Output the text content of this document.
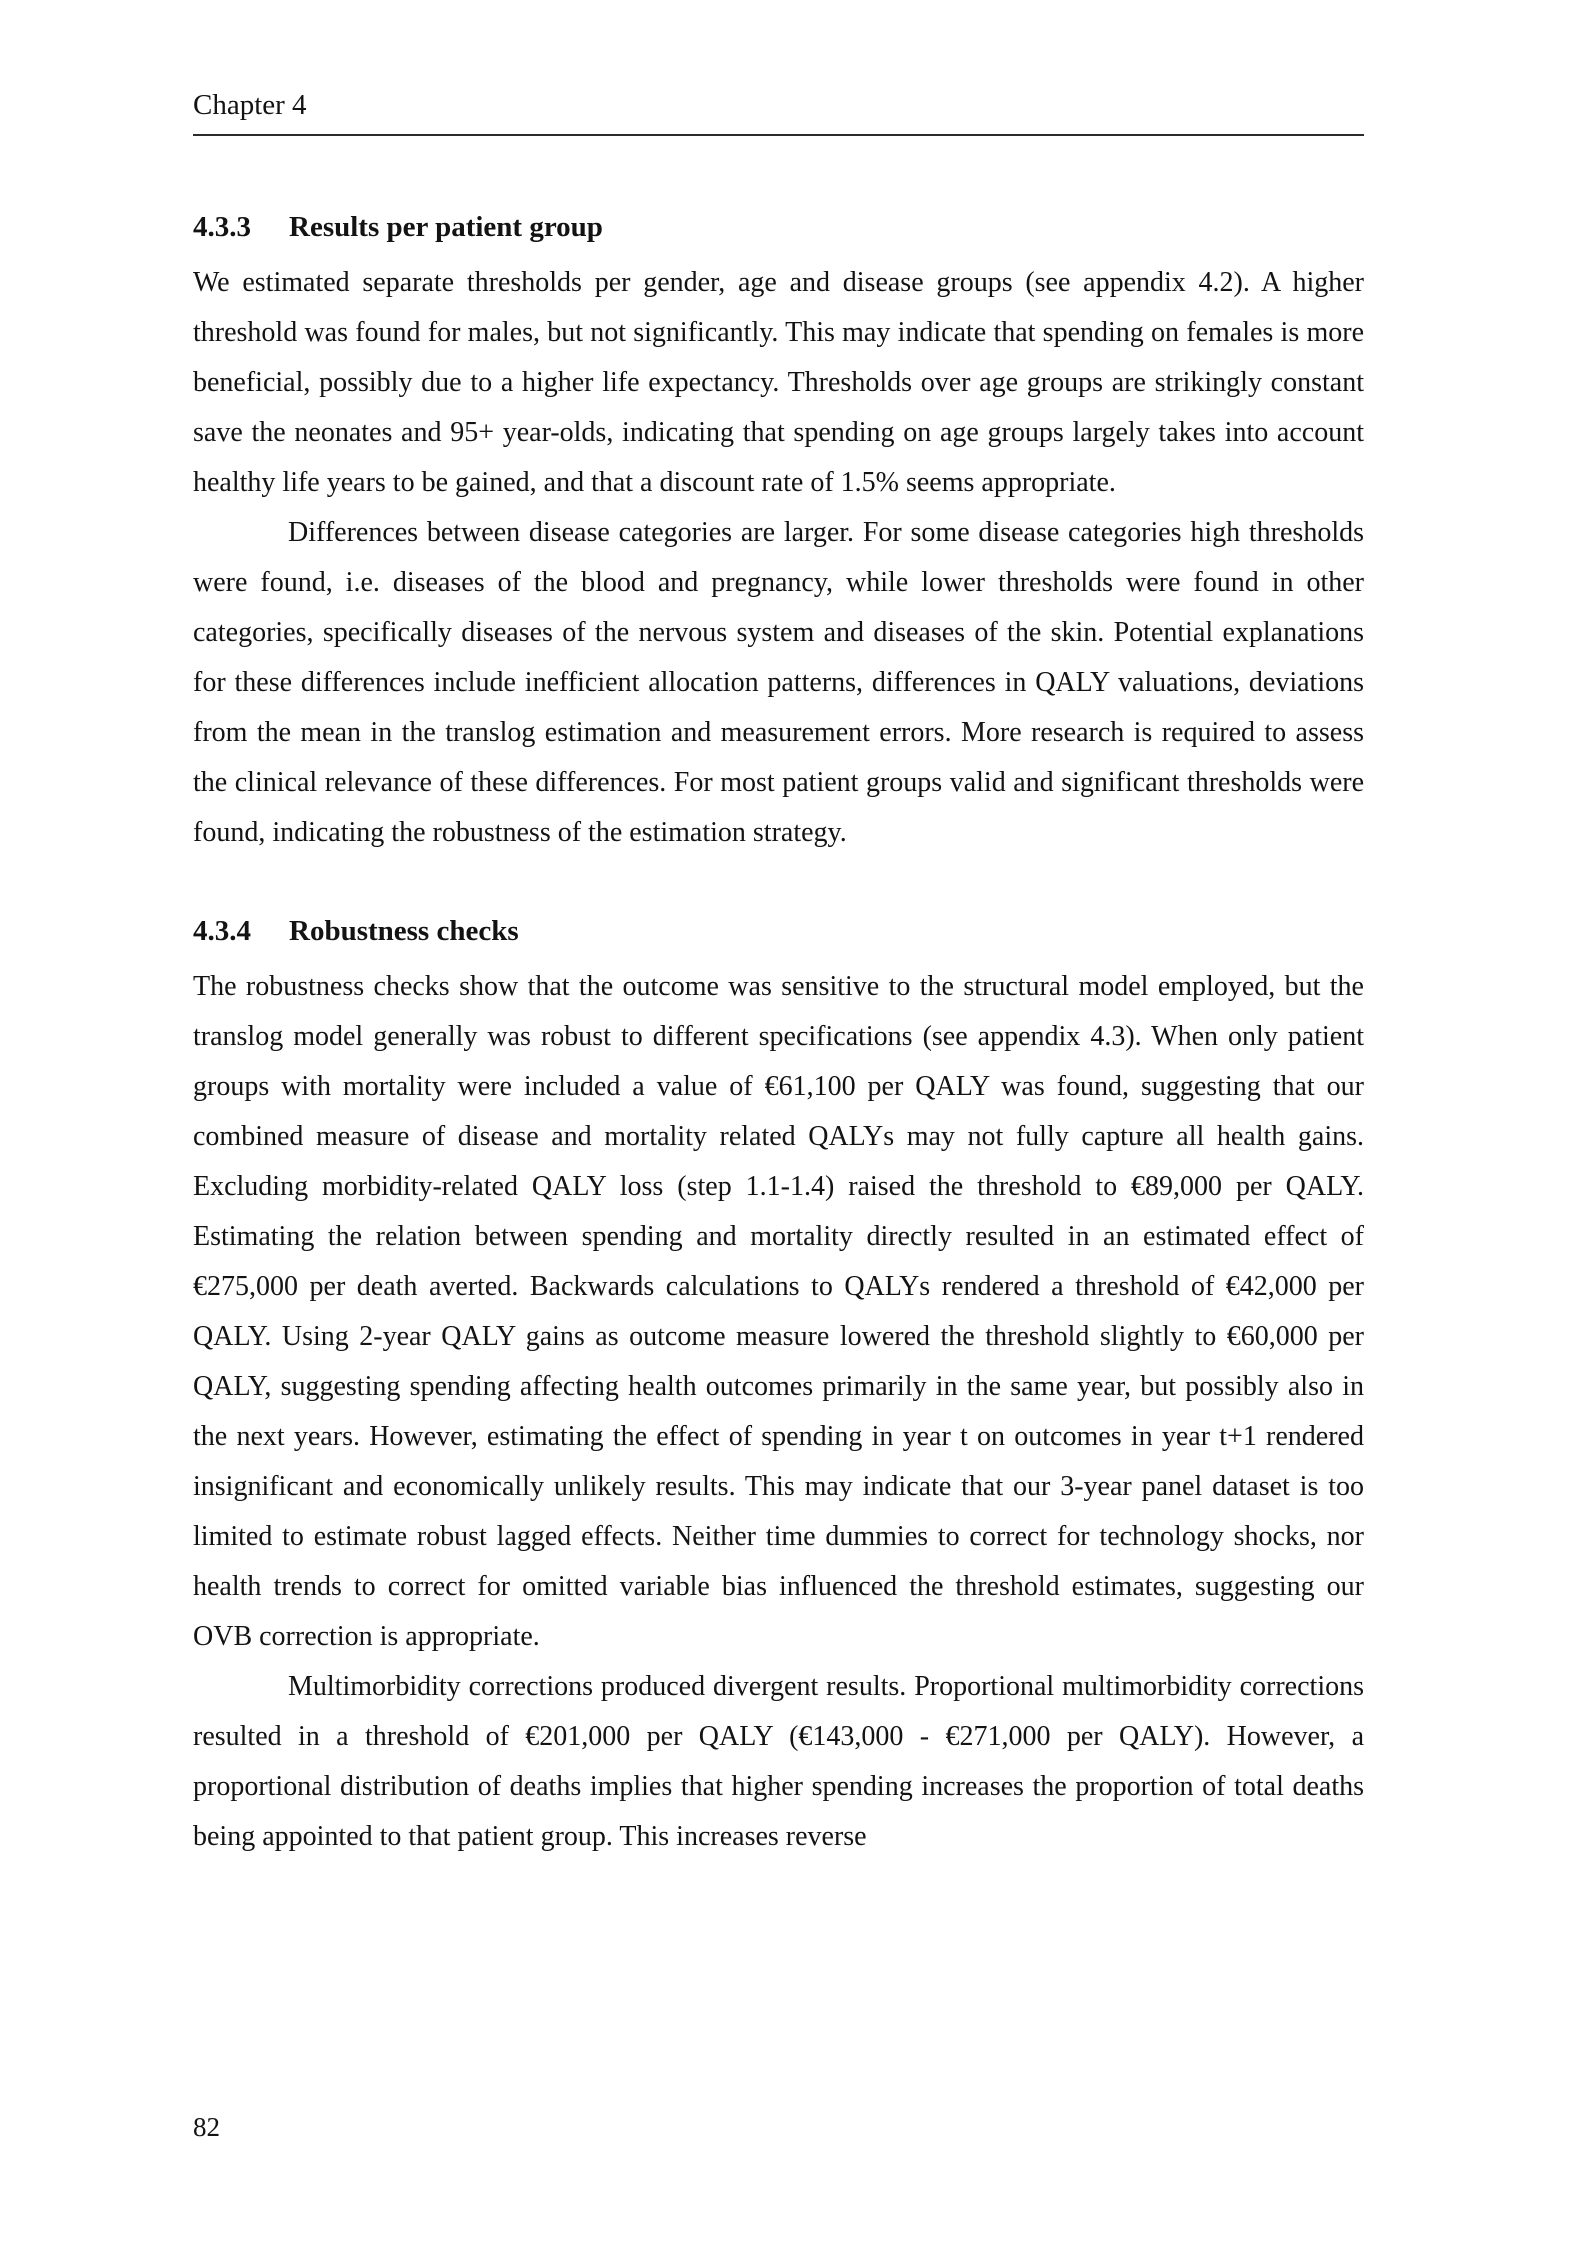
Chapter 4
4.3.3 Results per patient group

We estimated separate thresholds per gender, age and disease groups (see appendix 4.2). A higher threshold was found for males, but not significantly. This may indicate that spending on females is more beneficial, possibly due to a higher life expectancy. Thresholds over age groups are strikingly constant save the neonates and 95+ year-olds, indicating that spending on age groups largely takes into account healthy life years to be gained, and that a discount rate of 1.5% seems appropriate.

Differences between disease categories are larger. For some disease categories high thresholds were found, i.e. diseases of the blood and pregnancy, while lower thresholds were found in other categories, specifically diseases of the nervous system and diseases of the skin. Potential explanations for these differences include inefficient allocation patterns, differences in QALY valuations, deviations from the mean in the translog estimation and measurement errors. More research is required to assess the clinical relevance of these differences. For most patient groups valid and significant thresholds were found, indicating the robustness of the estimation strategy.

4.3.4 Robustness checks

The robustness checks show that the outcome was sensitive to the structural model employed, but the translog model generally was robust to different specifications (see appendix 4.3). When only patient groups with mortality were included a value of €61,100 per QALY was found, suggesting that our combined measure of disease and mortality related QALYs may not fully capture all health gains. Excluding morbidity-related QALY loss (step 1.1-1.4) raised the threshold to €89,000 per QALY. Estimating the relation between spending and mortality directly resulted in an estimated effect of €275,000 per death averted. Backwards calculations to QALYs rendered a threshold of €42,000 per QALY. Using 2-year QALY gains as outcome measure lowered the threshold slightly to €60,000 per QALY, suggesting spending affecting health outcomes primarily in the same year, but possibly also in the next years. However, estimating the effect of spending in year t on outcomes in year t+1 rendered insignificant and economically unlikely results. This may indicate that our 3-year panel dataset is too limited to estimate robust lagged effects. Neither time dummies to correct for technology shocks, nor health trends to correct for omitted variable bias influenced the threshold estimates, suggesting our OVB correction is appropriate.

Multimorbidity corrections produced divergent results. Proportional multimorbidity corrections resulted in a threshold of €201,000 per QALY (€143,000 - €271,000 per QALY). However, a proportional distribution of deaths implies that higher spending increases the proportion of total deaths being appointed to that patient group. This increases reverse

82
